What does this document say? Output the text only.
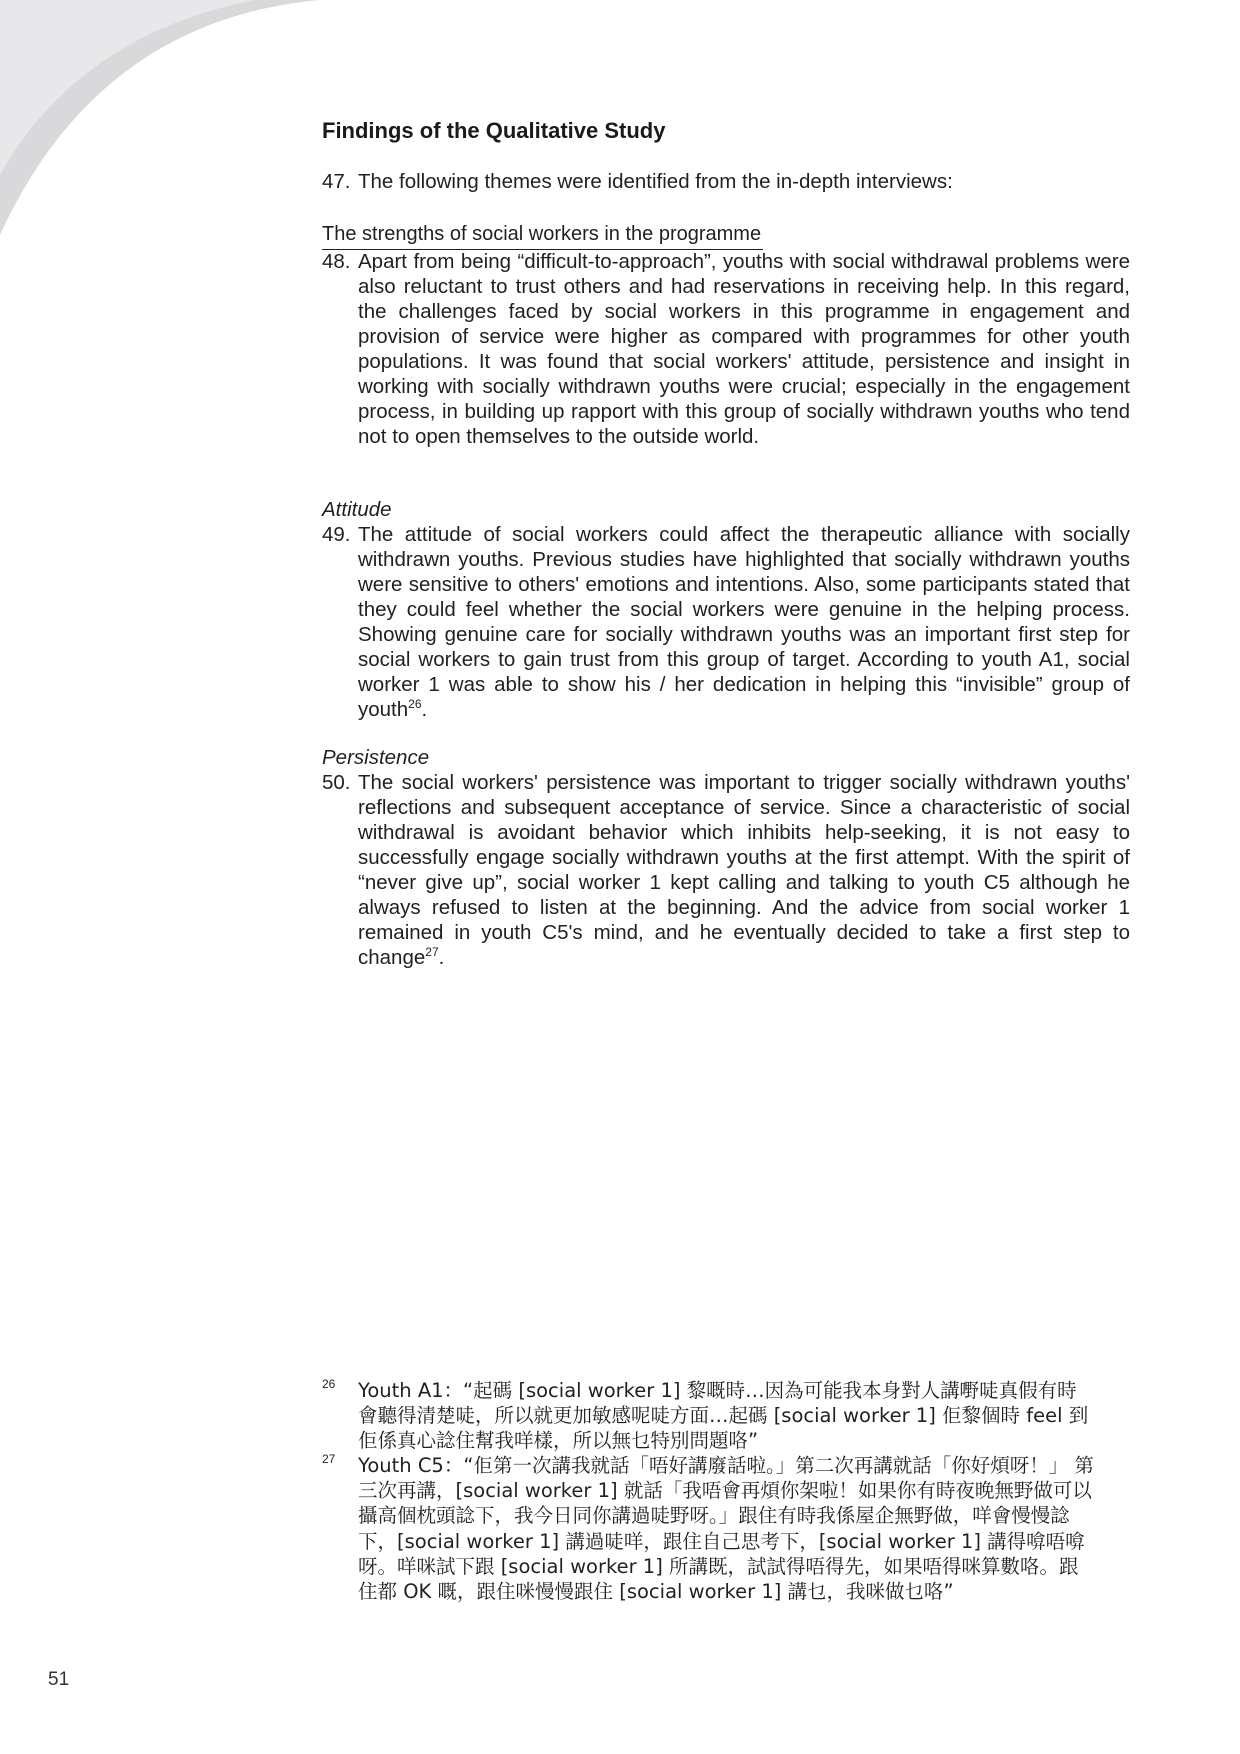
Findings of the Qualitative Study
47. The following themes were identified from the in-depth interviews:
The strengths of social workers in the programme
48. Apart from being “difficult-to-approach”, youths with social withdrawal problems were also reluctant to trust others and had reservations in receiving help. In this regard, the challenges faced by social workers in this programme in engagement and provision of service were higher as compared with programmes for other youth populations. It was found that social workers' attitude, persistence and insight in working with socially withdrawn youths were crucial; especially in the engagement process, in building up rapport with this group of socially withdrawn youths who tend not to open themselves to the outside world.
Attitude
49. The attitude of social workers could affect the therapeutic alliance with socially withdrawn youths. Previous studies have highlighted that socially withdrawn youths were sensitive to others' emotions and intentions. Also, some participants stated that they could feel whether the social workers were genuine in the helping process. Showing genuine care for socially withdrawn youths was an important first step for social workers to gain trust from this group of target. According to youth A1, social worker 1 was able to show his / her dedication in helping this “invisible” group of youth$^{26}$.
Persistence
50. The social workers' persistence was important to trigger socially withdrawn youths' reflections and subsequent acceptance of service. Since a characteristic of social withdrawal is avoidant behavior which inhibits help-seeking, it is not easy to successfully engage socially withdrawn youths at the first attempt. With the spirit of “never give up”, social worker 1 kept calling and talking to youth C5 although he always refused to listen at the beginning. And the advice from social worker 1 remained in youth C5's mind, and he eventually decided to take a first step to change$^{27}$.
26	Youth A1：“起碼 [social worker 1] 黎嘅時…因為可能我本身對人講嘢唗真假有時會聽得清楚唗，所以就更加敏感呢唗方面…起碼 [social worker 1] 佢黎個時 feel 到佢係真心諗住幫我咩樣，所以無乜特別問題咯”
27	Youth C5：“佢第一次講我就話「唔好講廢話啦。」第二次再講就話「你好煩呀！」 第三次再講，[social worker 1] 就話「我唔會再煩你架啦！如果你有時夜晚無野做可以攝高個枕頭諗下，我今日同你講過唗野呀。」跟住有時我係屋企無野做，咩會慢慢諗下，[social worker 1] 講過唗咩，跟住自己思考下，[social worker 1] 講得啽唔啽呀。咩咪試下跟 [social worker 1] 所講既，試試得唔得先，如果唔得咪算數咯。跟住都 OK 嘅，跟住咪慢慢跟住 [social worker 1] 講乜，我咪做乜咯”
51
